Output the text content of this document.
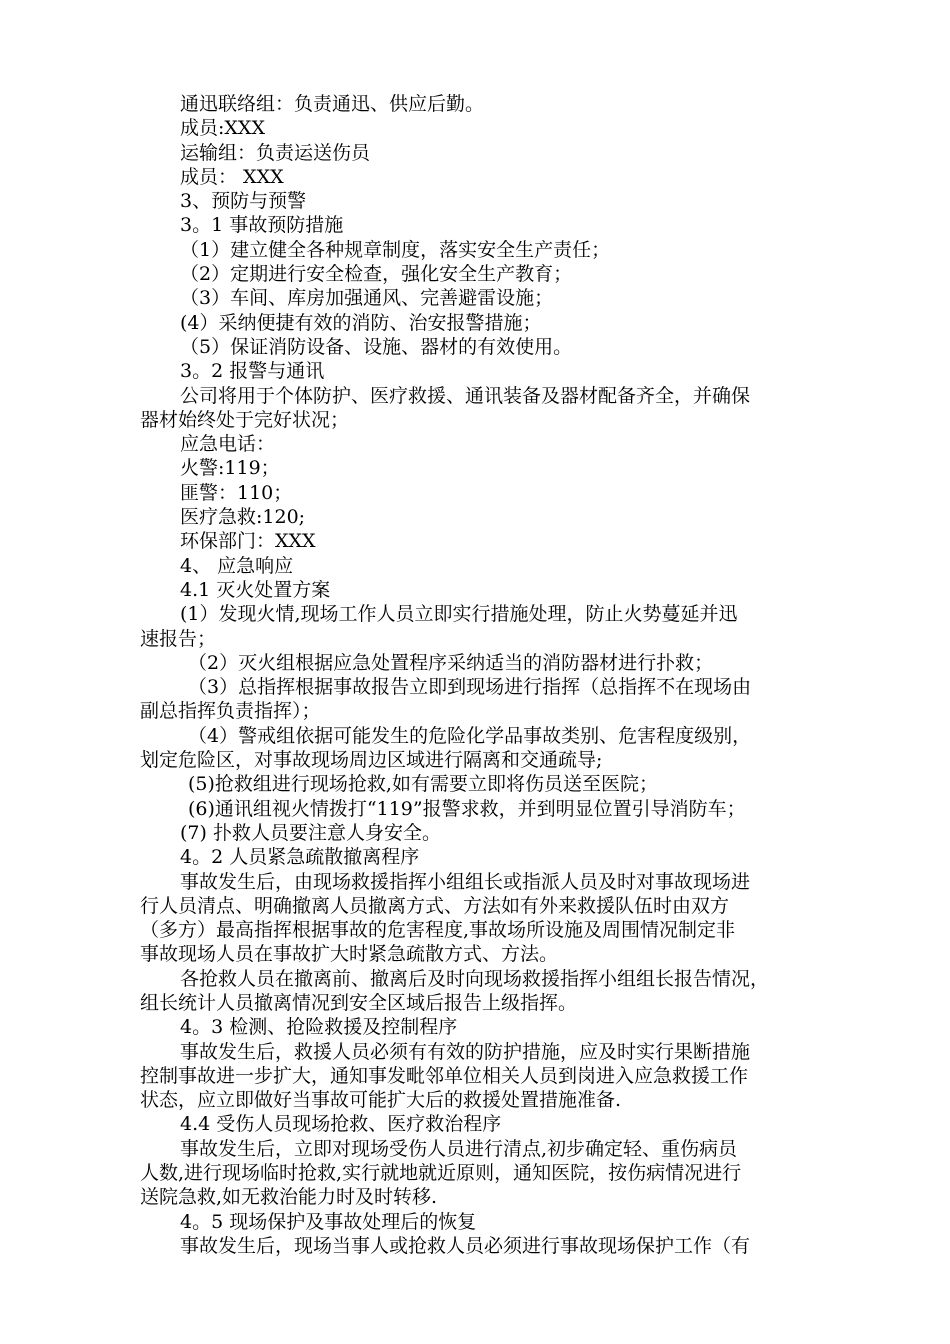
通迅联络组：负责通迅、供应后勤。
成员:XXX
运输组：负责运送伤员
成员： XXX
3、预防与预警
3。1 事故预防措施
（1）建立健全各种规章制度，落实安全生产责任；
（2）定期进行安全检查，强化安全生产教育；
（3）车间、库房加强通风、完善避雷设施；
(4）采纳便捷有效的消防、治安报警措施；
（5）保证消防设备、设施、器材的有效使用。
3。2 报警与通讯
公司将用于个体防护、医疗救援、通讯装备及器材配备齐全，并确保
器材始终处于完好状况；
应急电话：
火警:119；
匪警：110；
医疗急救:120;
环保部门：XXX
4、 应急响应
4.1 灭火处置方案
(1）发现火情,现场工作人员立即实行措施处理，防止火势蔓延并迅
速报告；
（2）灭火组根据应急处置程序采纳适当的消防器材进行扑救；
（3）总指挥根据事故报告立即到现场进行指挥（总指挥不在现场由
副总指挥负责指挥）；
（4）警戒组依据可能发生的危险化学品事故类别、危害程度级别，
划定危险区，对事故现场周边区域进行隔离和交通疏导;
(5)抢救组进行现场抢救,如有需要立即将伤员送至医院；
(6)通讯组视火情拨打“119”报警求救，并到明显位置引导消防车；
(7) 扑救人员要注意人身安全。
4。2 人员紧急疏散撤离程序
事故发生后，由现场救援指挥小组组长或指派人员及时对事故现场进
行人员清点、明确撤离人员撤离方式、方法如有外来救援队伍时由双方
（多方）最高指挥根据事故的危害程度,事故场所设施及周围情况制定非
事故现场人员在事故扩大时紧急疏散方式、方法。
各抢救人员在撤离前、撤离后及时向现场救援指挥小组组长报告情况，
组长统计人员撤离情况到安全区域后报告上级指挥。
4。3 检测、抢险救援及控制程序
事故发生后，救援人员必须有有效的防护措施，应及时实行果断措施
控制事故进一步扩大，通知事发毗邻单位相关人员到岗进入应急救援工作
状态，应立即做好当事故可能扩大后的救援处置措施准备.
4.4 受伤人员现场抢救、医疗救治程序
事故发生后，立即对现场受伤人员进行清点,初步确定轻、重伤病员
人数,进行现场临时抢救,实行就地就近原则，通知医院，按伤病情况进行
送院急救,如无救治能力时及时转移.
4。5 现场保护及事故处理后的恢复
事故发生后，现场当事人或抢救人员必须进行事故现场保护工作（有
